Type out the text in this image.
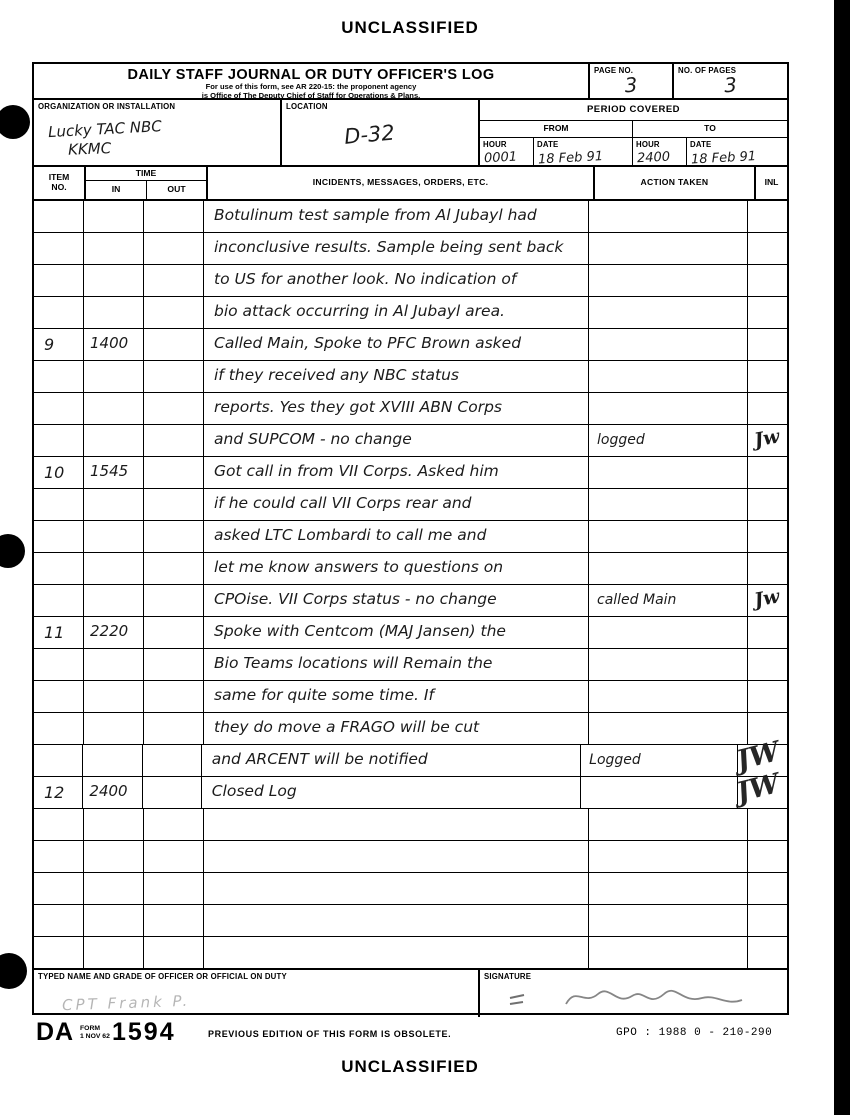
UNCLASSIFIED
DAILY STAFF JOURNAL OR DUTY OFFICER'S LOG
For use of this form, see AR 220-15: the proponent agency
is Office of The Deputy Chief of Staff for Operations & Plans.
PAGE NO.
3
NO. OF PAGES
3
ORGANIZATION OR INSTALLATION
Lucky TAC NBC
KKMC
LOCATION
D-32
PERIOD COVERED
FROM	TO
HOUR
0001
DATE
18 Feb 91
HOUR
2400
DATE
18 Feb 91
ITEM
NO.
TIME
IN	OUT
INCIDENTS, MESSAGES, ORDERS, ETC.	ACTION TAKEN	INL
Botulinum test sample from Al Jubayl had
inconclusive results. Sample being sent back
to US for another look. No indication of
bio attack occurring in Al Jubayl area.
9	1400	Called Main, Spoke to PFC Brown asked
if they received any NBC status
reports. Yes they got XVIII ABN Corps
and SUPCOM - no change	logged	Jw
10	1545	Got call in from VII Corps. Asked him
if he could call VII Corps rear and
asked LTC Lombardi to call me and
let me know answers to questions on
CPOise. VII Corps status - no change	called Main	Jw
11	2220	Spoke with Centcom (MAJ Jansen) the
Bio Teams locations will Remain the
same for quite some time. If
they do move a FRAGO will be cut
and ARCENT will be notified	Logged	JW
12	2400	Closed Log	JW
TYPED NAME AND GRADE OF OFFICER OR OFFICIAL ON DUTY
CPT Frank P.
SIGNATURE
DA FORM
1 NOV 62 1594	PREVIOUS EDITION OF THIS FORM IS OBSOLETE.	GPO : 1988 0 - 210-290
UNCLASSIFIED
